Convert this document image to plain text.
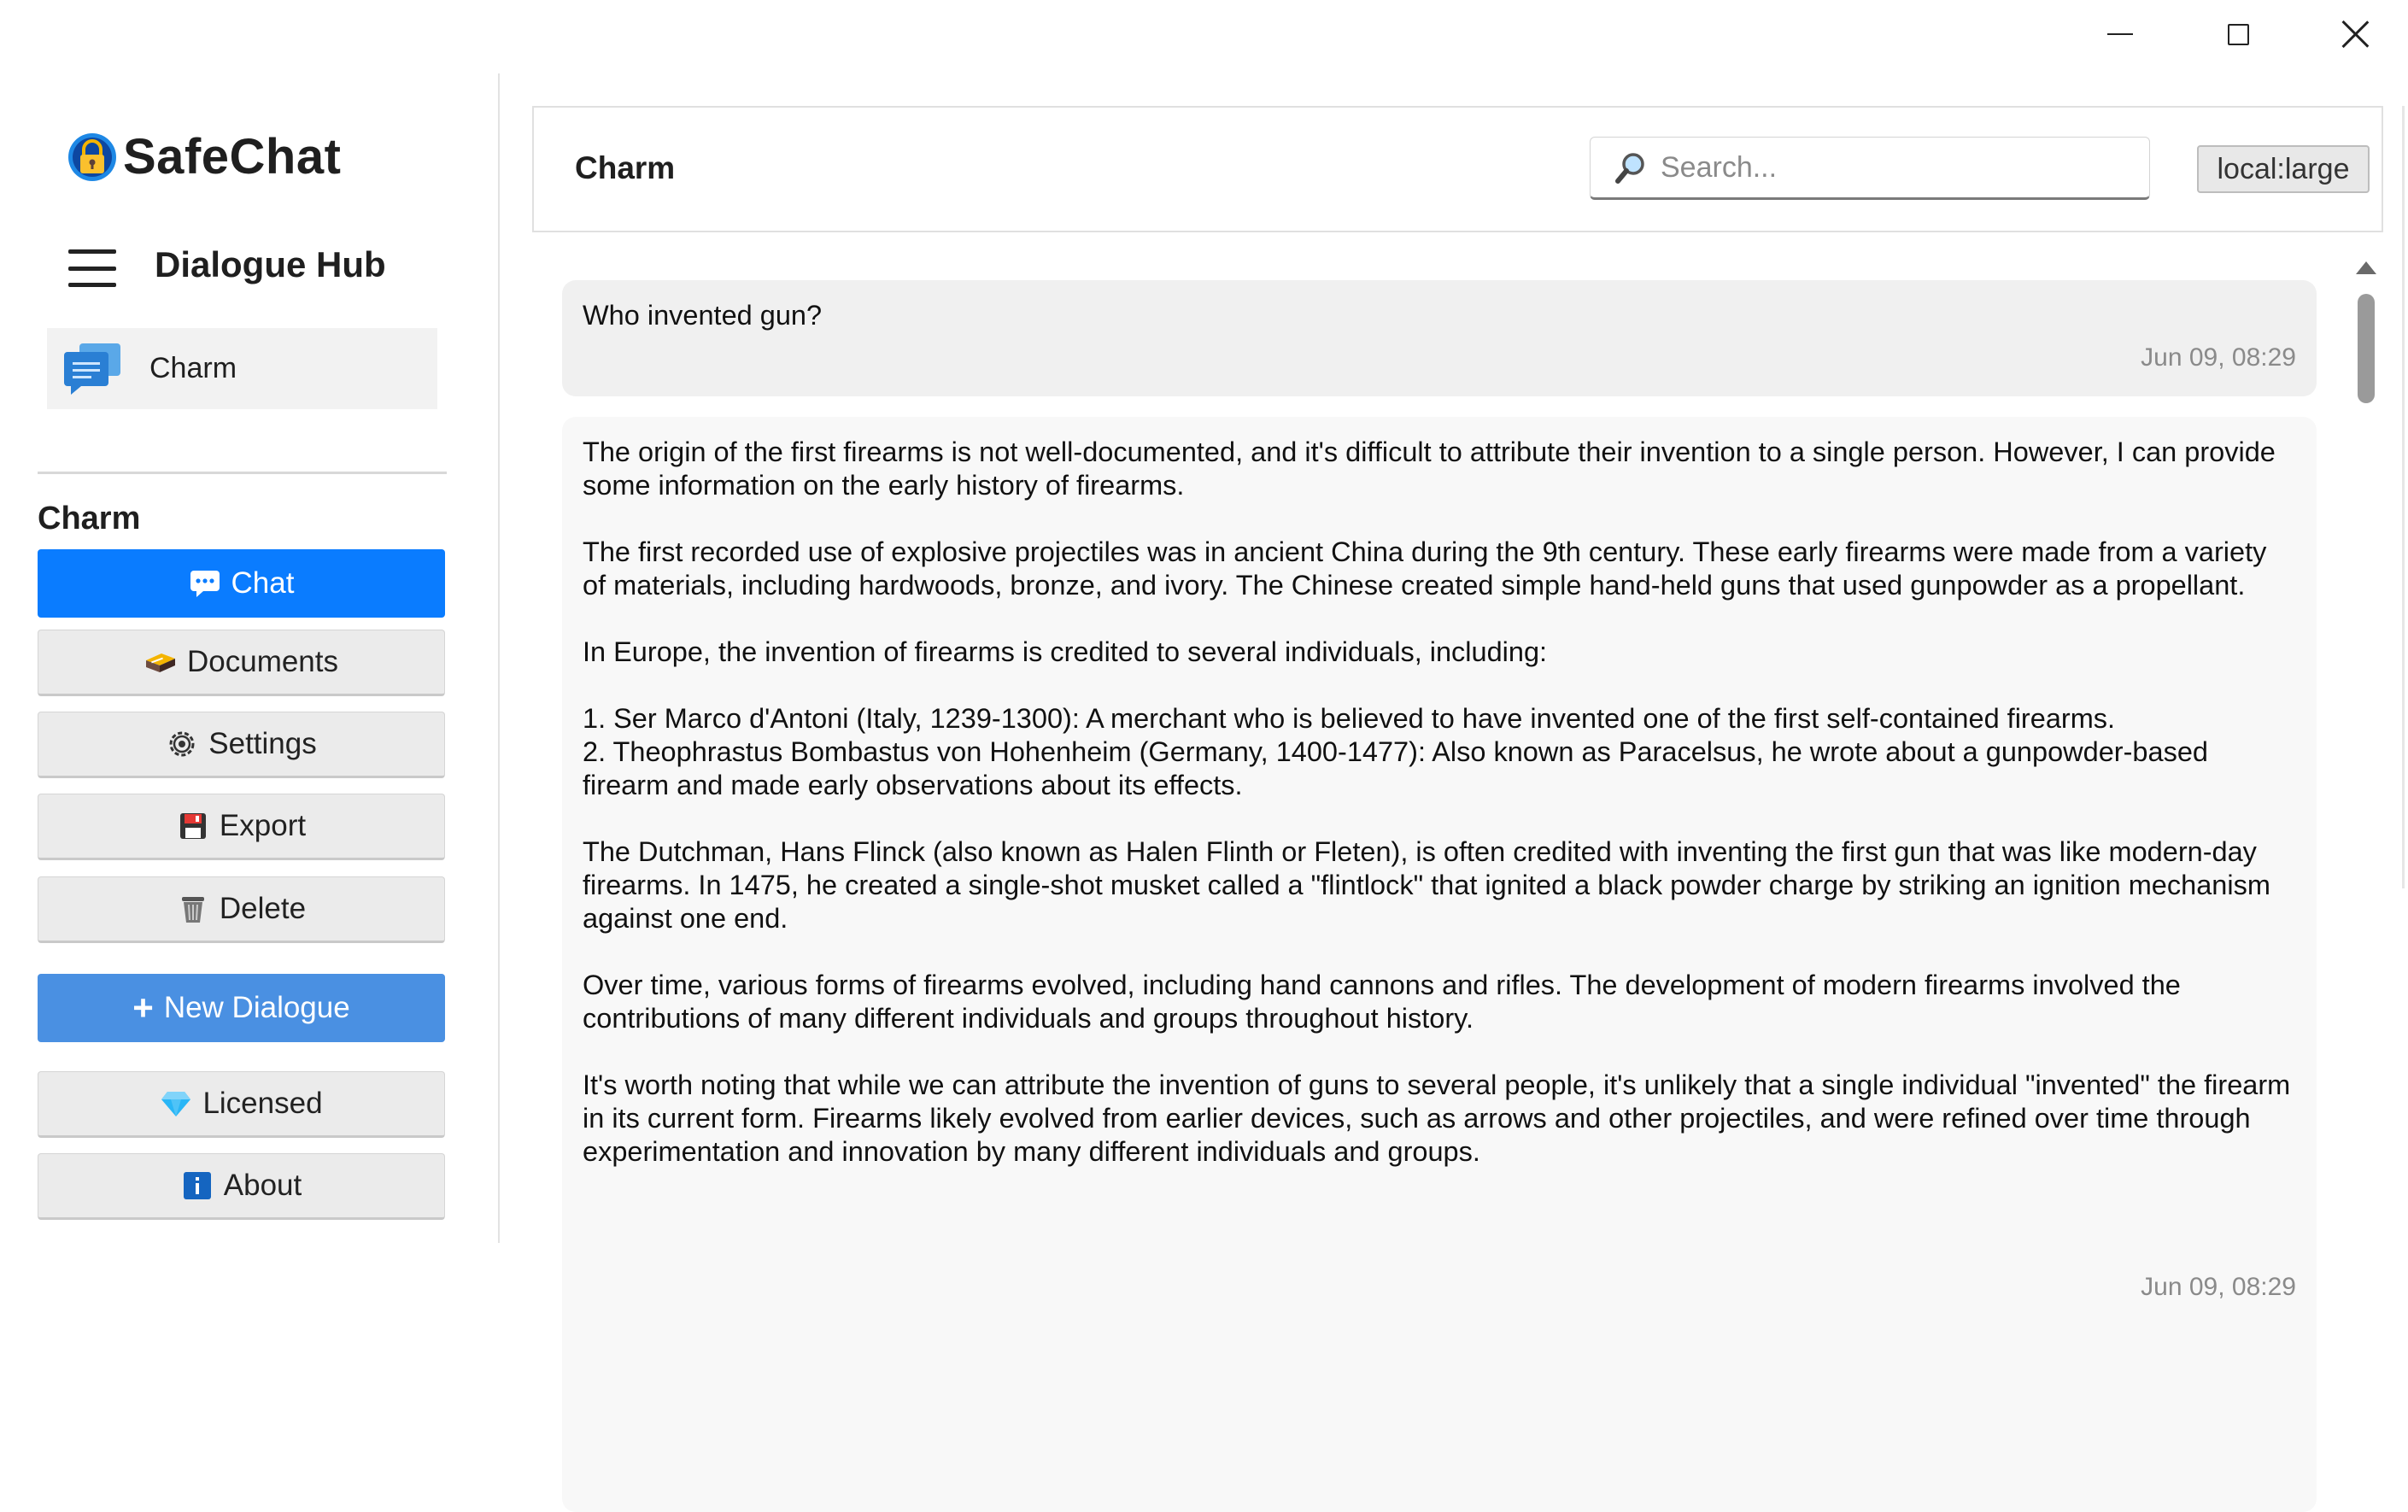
SafeChat
Dialogue Hub
Charm
Charm
Chat
Documents
Settings
Export
Delete
+ New Dialogue
Licensed
About
Charm
Search...	local:large
Who invented gun?
Jun 09, 08:29
The origin of the first firearms is not well-documented, and it's difficult to attribute their invention to a single person. However, I can provide some information on the early history of firearms.

The first recorded use of explosive projectiles was in ancient China during the 9th century. These early firearms were made from a variety of materials, including hardwoods, bronze, and ivory. The Chinese created simple hand-held guns that used gunpowder as a propellant.

In Europe, the invention of firearms is credited to several individuals, including:

1. Ser Marco d'Antoni (Italy, 1239-1300): A merchant who is believed to have invented one of the first self-contained firearms.
2. Theophrastus Bombastus von Hohenheim (Germany, 1400-1477): Also known as Paracelsus, he wrote about a gunpowder-based firearm and made early observations about its effects.

The Dutchman, Hans Flinck (also known as Halen Flinth or Fleten), is often credited with inventing the first gun that was like modern-day firearms. In 1475, he created a single-shot musket called a "flintlock" that ignited a black powder charge by striking an ignition mechanism against one end.

Over time, various forms of firearms evolved, including hand cannons and rifles. The development of modern firearms involved the contributions of many different individuals and groups throughout history.

It's worth noting that while we can attribute the invention of guns to several people, it's unlikely that a single individual "invented" the firearm in its current form. Firearms likely evolved from earlier devices, such as arrows and other projectiles, and were refined over time through experimentation and innovation by many different individuals and groups.
Jun 09, 08:29
